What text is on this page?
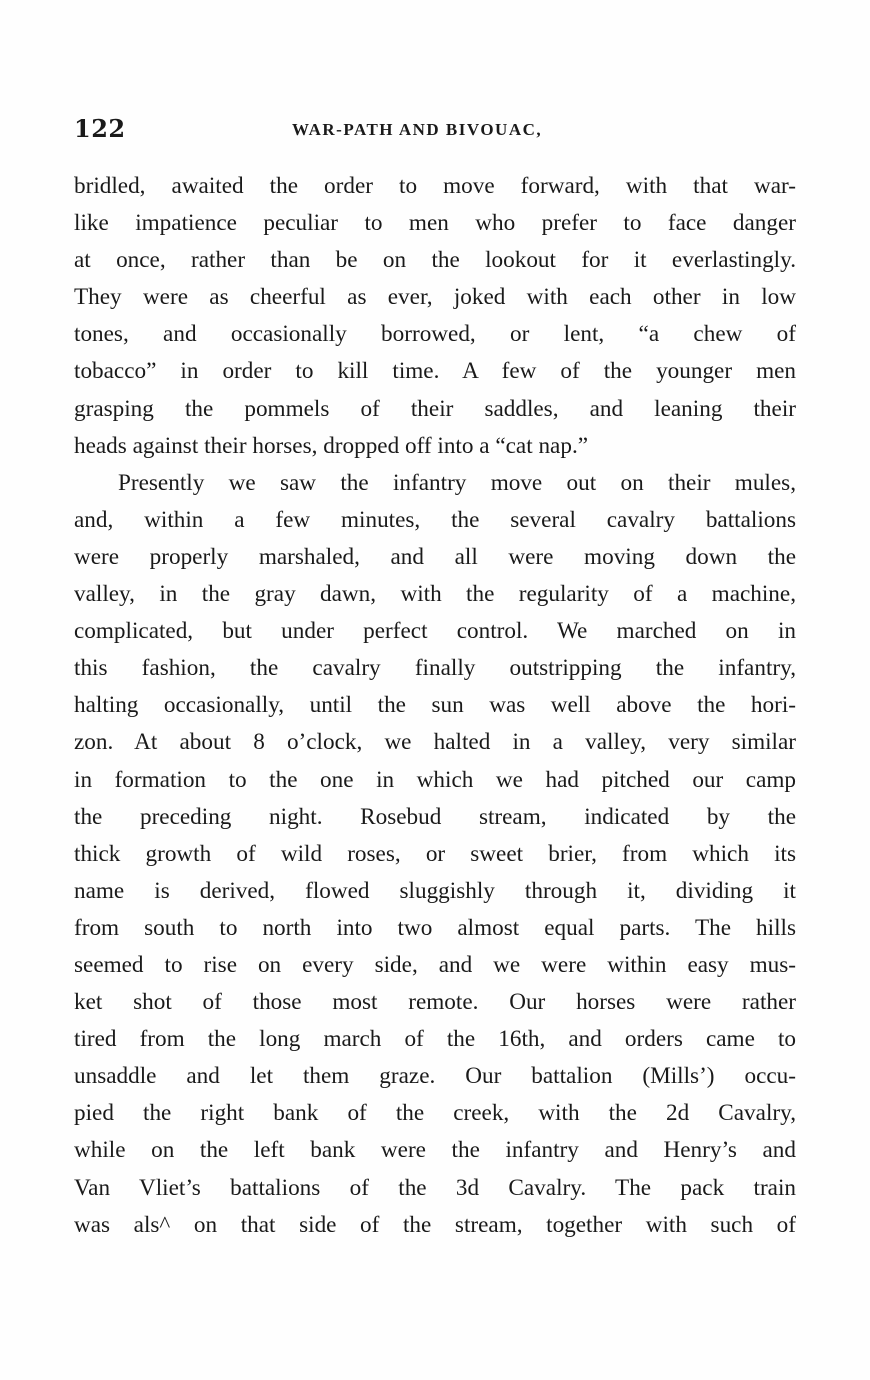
122	WAR-PATH AND BIVOUAC,
bridled, awaited the order to move forward, with that war-
like impatience peculiar to men who prefer to face danger
at once, rather than be on the lookout for it everlastingly.
They were as cheerful as ever, joked with each other in low
tones, and occasionally borrowed, or lent, “a chew of
tobacco” in order to kill time. A few of the younger men
grasping the pommels of their saddles, and leaning their
heads against their horses, dropped off into a “cat nap.”
Presently we saw the infantry move out on their mules,
and, within a few minutes, the several cavalry battalions
were properly marshaled, and all were moving down the
valley, in the gray dawn, with the regularity of a machine,
complicated, but under perfect control. We marched on in
this fashion, the cavalry finally outstripping the infantry,
halting occasionally, until the sun was well above the hori-
zon. At about 8 o’clock, we halted in a valley, very similar
in formation to the one in which we had pitched our camp
the preceding night. Rosebud stream, indicated by the
thick growth of wild roses, or sweet brier, from which its
name is derived, flowed sluggishly through it, dividing it
from south to north into two almost equal parts. The hills
seemed to rise on every side, and we were within easy mus-
ket shot of those most remote. Our horses were rather
tired from the long march of the 16th, and orders came to
unsaddle and let them graze. Our battalion (Mills’) occu-
pied the right bank of the creek, with the 2d Cavalry,
while on the left bank were the infantry and Henry’s and
Van Vliet’s battalions of the 3d Cavalry. The pack train
was als^ on that side of the stream, together with such of
